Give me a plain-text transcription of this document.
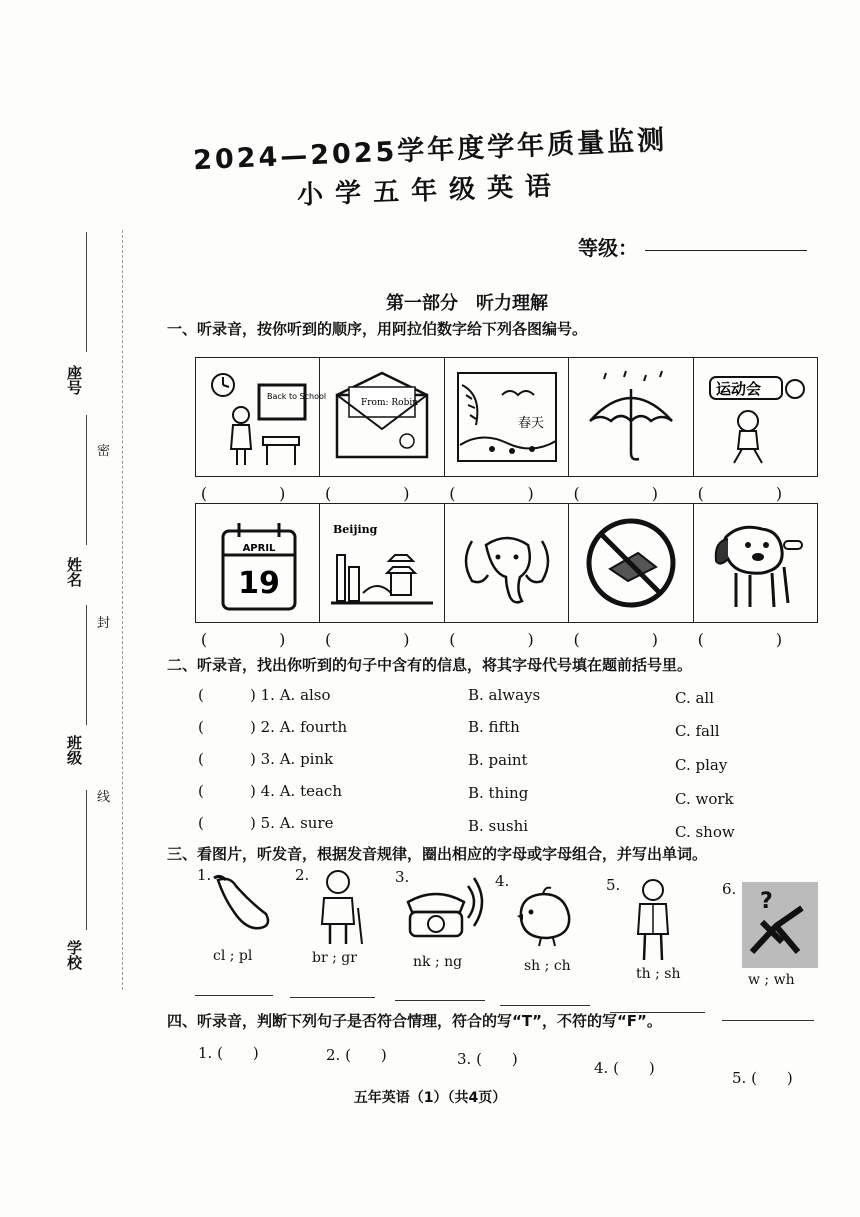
2024—2025学年度学年质量监测
小学五年级英语
等级：
座号
姓名
班级
学校
密
封
线
第一部分　听力理解
一、听录音，按你听到的顺序，用阿拉伯数字给下列各图编号。
Back to School
From: Robin
春天
运动会
(　) (　) (　) (　) (　)
APRIL
19
Beijing
(　) (　) (　) (　) (　)
二、听录音，找出你听到的句子中含有的信息，将其字母代号填在题前括号里。
(	) 1. A. also	B. always	C. all
(	) 2. A. fourth	B. fifth	C. fall
(	) 3. A. pink	B. paint	C. play
(	) 4. A. teach	B. thing	C. work
(	) 5. A. sure	B. sushi	C. show
三、看图片，听发音，根据发音规律，圈出相应的字母或字母组合，并写出单词。
1.
cl ; pl
2.
br ; gr
3.
nk ; ng
4.
sh ; ch
5.
th ; sh
6. ?
w ; wh
四、听录音，判断下列句子是否符合情理，符合的写“T”，不符的写“F”。
1. (　　)	2. (　　)	3. (　　)	4. (　　)
5. (　　)
五年英语（1）（共4页）
